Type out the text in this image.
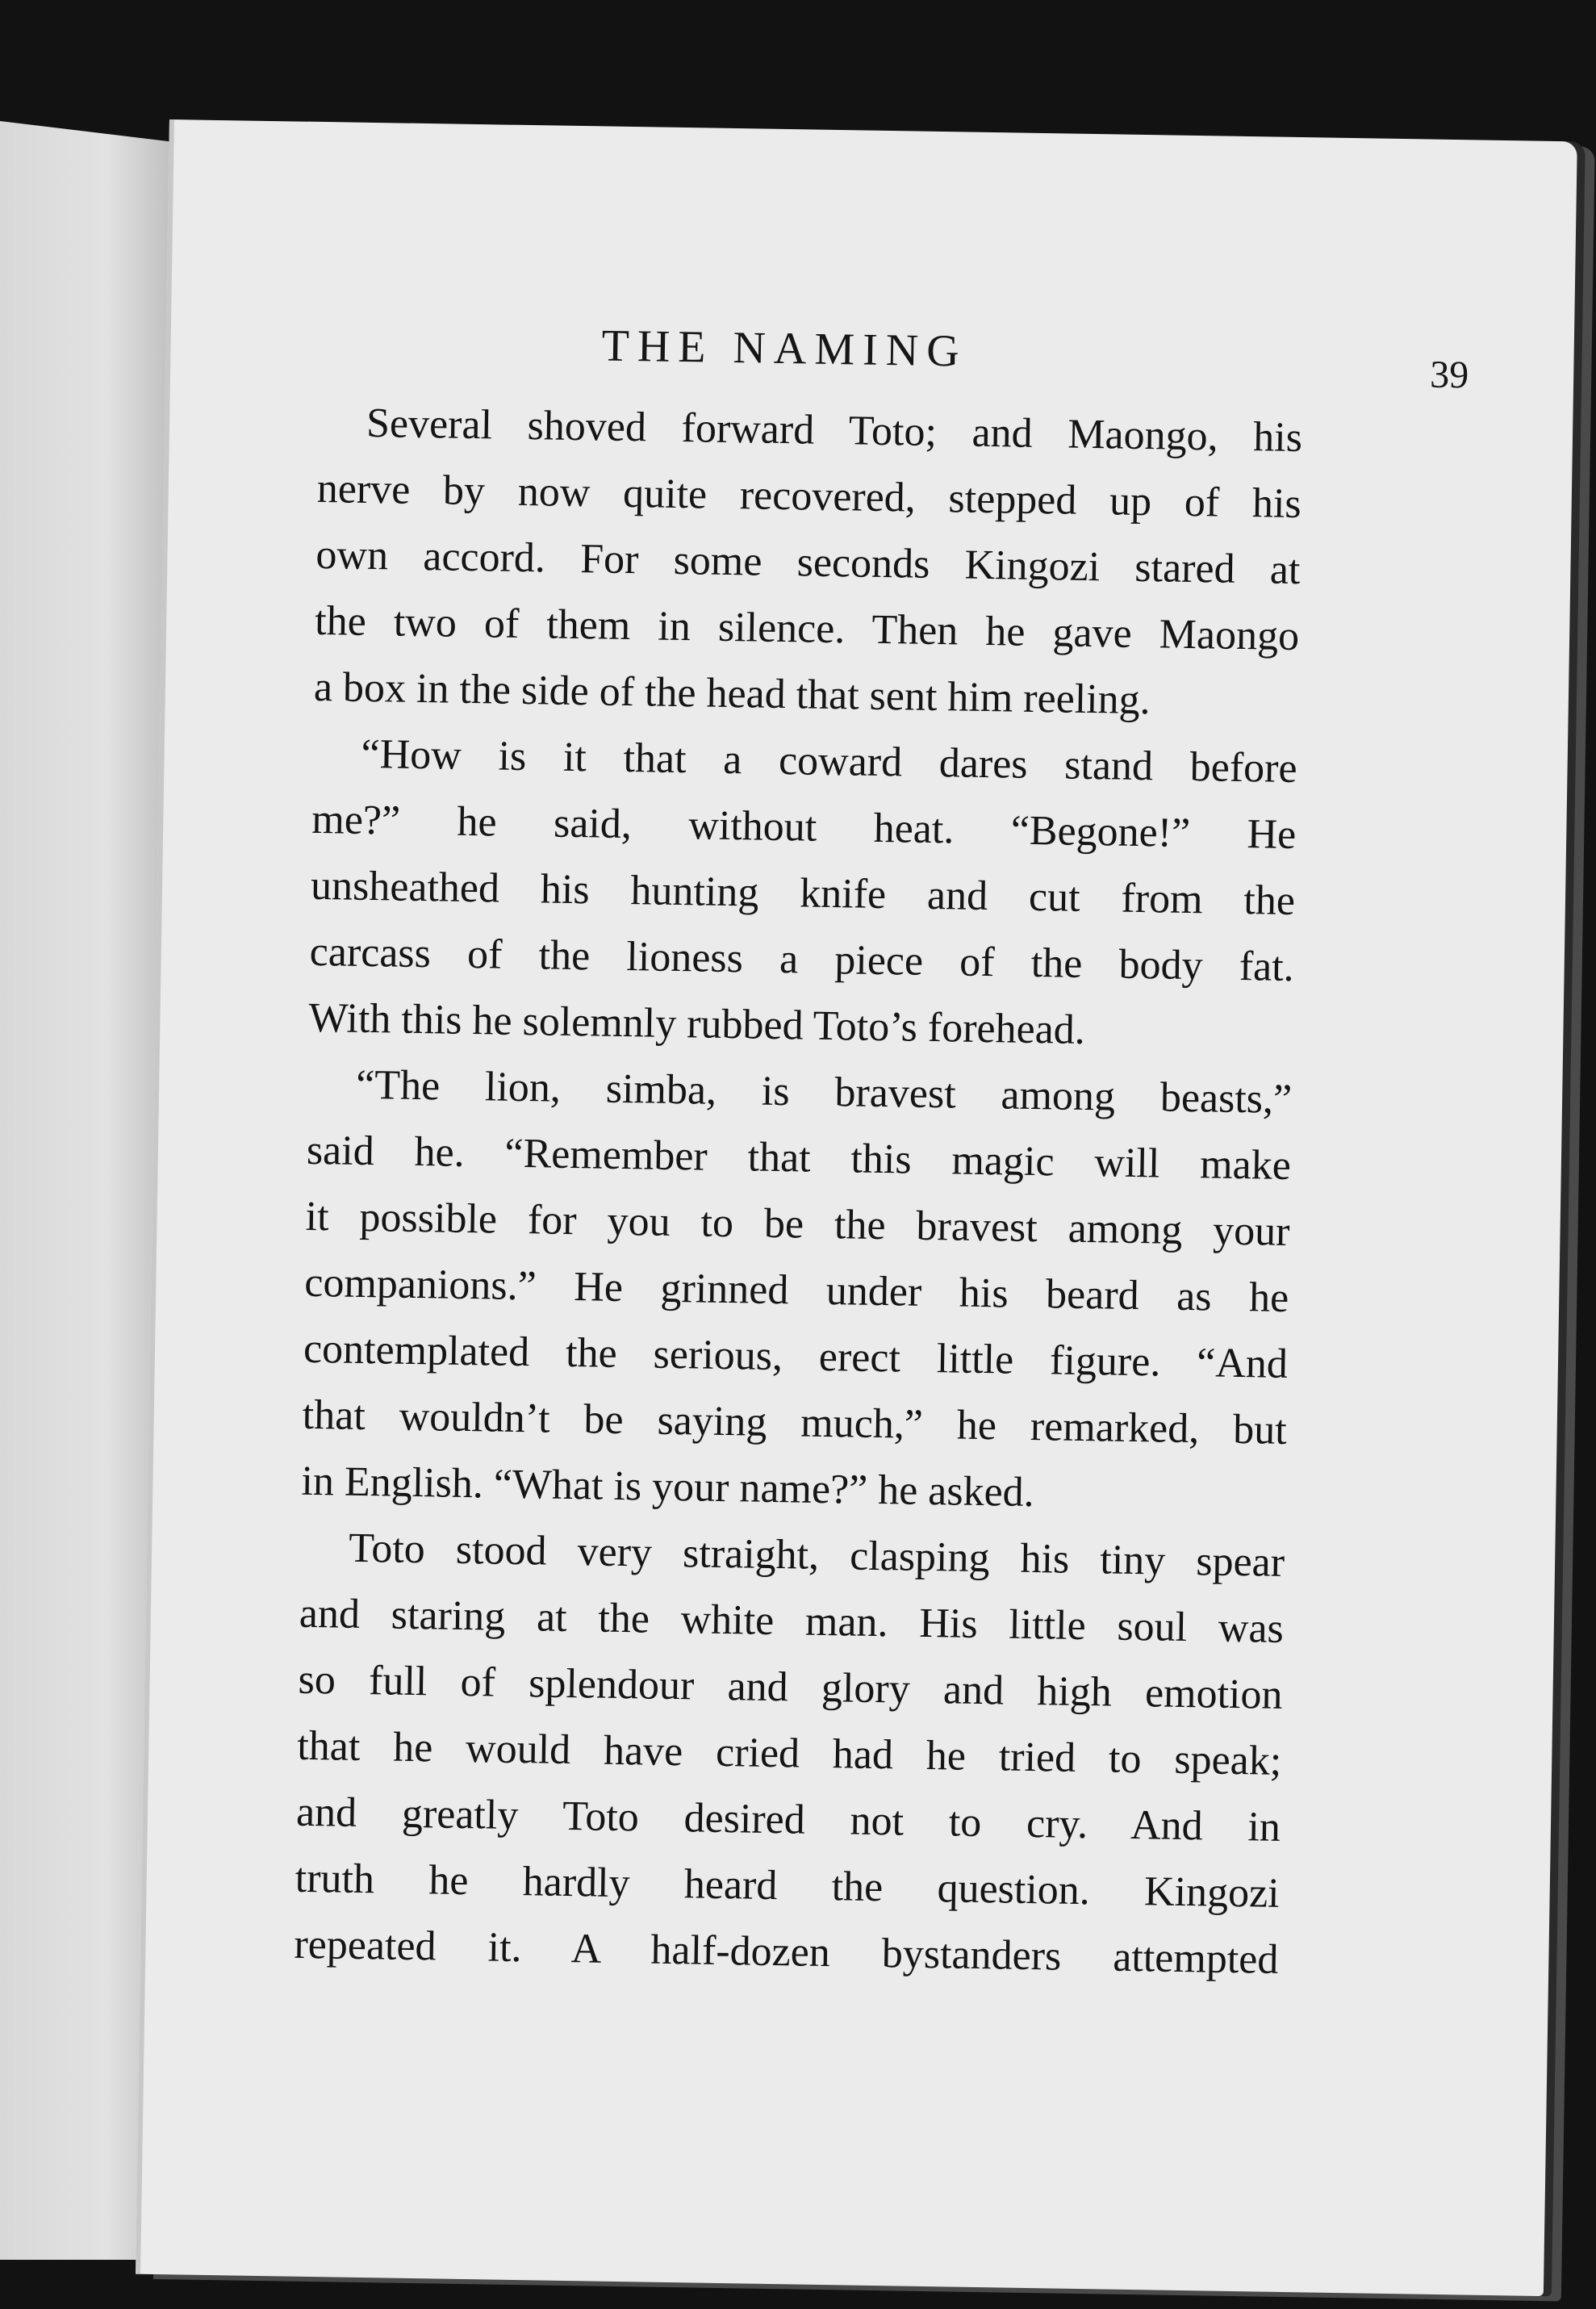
THE NAMING	39
Several shoved forward Toto; and Maongo, his
nerve by now quite recovered, stepped up of his
own accord. For some seconds Kingozi stared at
the two of them in silence. Then he gave Maongo
a box in the side of the head that sent him reeling.
“How is it that a coward dares stand before
me?” he said, without heat. “Begone!” He
unsheathed his hunting knife and cut from the
carcass of the lioness a piece of the body fat.
With this he solemnly rubbed Toto’s forehead.
“The lion, simba, is bravest among beasts,”
said he. “Remember that this magic will make
it possible for you to be the bravest among your
companions.” He grinned under his beard as he
contemplated the serious, erect little figure. “And
that wouldn’t be saying much,” he remarked, but
in English. “What is your name?” he asked.
Toto stood very straight, clasping his tiny spear
and staring at the white man. His little soul was
so full of splendour and glory and high emotion
that he would have cried had he tried to speak;
and greatly Toto desired not to cry. And in
truth he hardly heard the question. Kingozi
repeated it. A half-dozen bystanders attempted
